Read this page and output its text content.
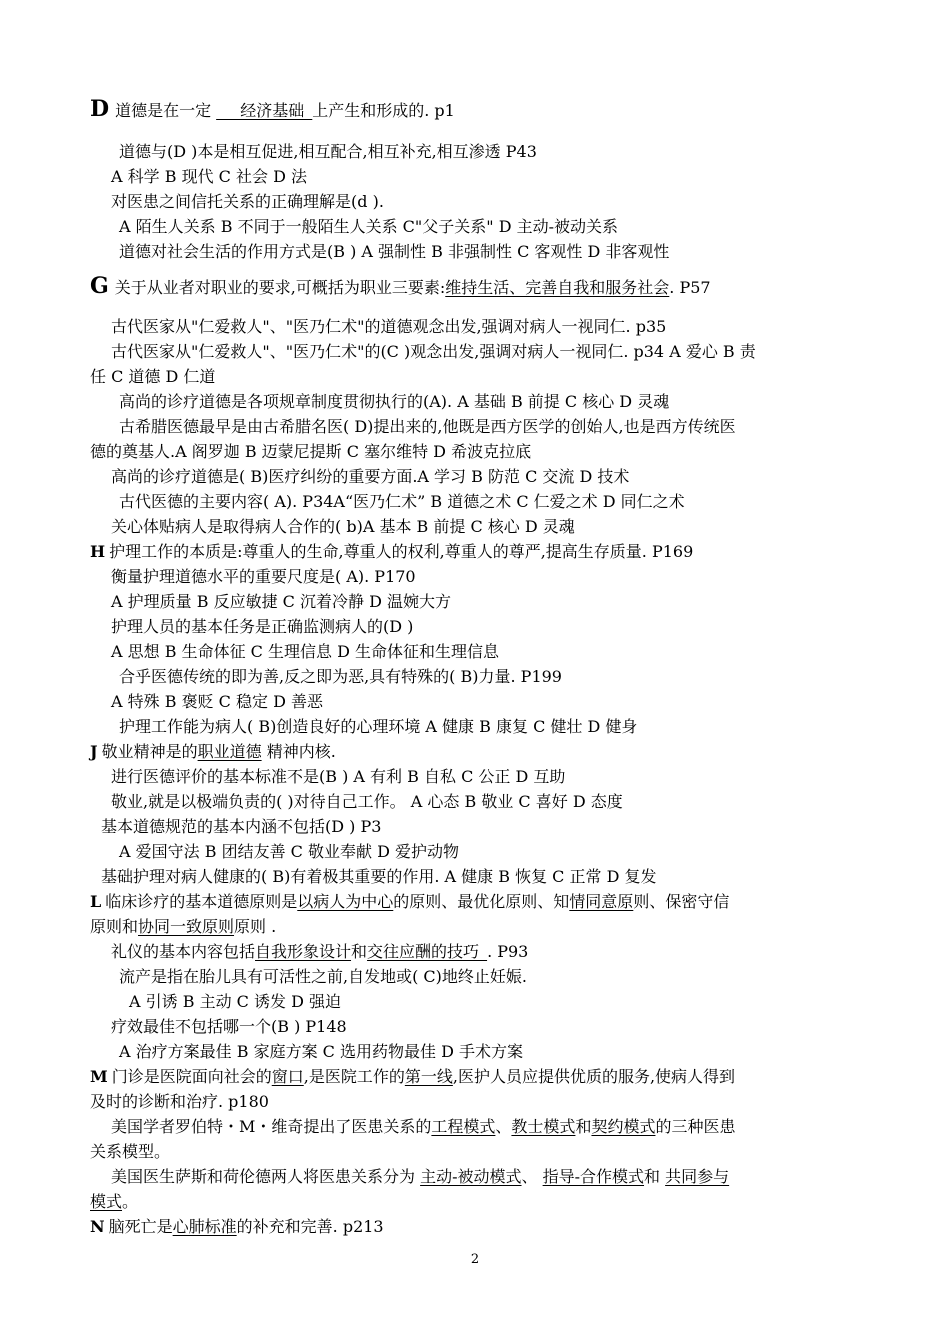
D 道德是在一定 ___经济基础_上产生和形成的. p1
道德与(D )本是相互促进,相互配合,相互补充,相互渗透 P43
A 科学 B 现代 C 社会 D 法
对医患之间信托关系的正确理解是(d ).
A 陌生人关系 B 不同于一般陌生人关系 C"父子关系" D 主动-被动关系
道德对社会生活的作用方式是(B ) A 强制性 B 非强制性 C 客观性 D 非客观性
G 关于从业者对职业的要求,可概括为职业三要素:维持生活、完善自我和服务社会. P57
古代医家从"仁爱救人"、"医乃仁术"的道德观念出发,强调对病人一视同仁. p35
古代医家从"仁爱救人"、"医乃仁术"的(C )观念出发,强调对病人一视同仁. p34 A 爱心 B 责
任 C 道德 D 仁道
高尚的诊疗道德是各项规章制度贯彻执行的(A). A 基础 B 前提 C 核心 D 灵魂
古希腊医德最早是由古希腊名医( D)提出来的,他既是西方医学的创始人,也是西方传统医
德的奠基人.A 阁罗迦 B 迈蒙尼提斯 C 塞尔维特 D 希波克拉底
高尚的诊疗道德是( B)医疗纠纷的重要方面.A 学习 B 防范 C 交流 D 技术
古代医德的主要内容( A). P34A“医乃仁术” B 道德之术 C 仁爱之术 D 同仁之术
关心体贴病人是取得病人合作的( b)A 基本 B 前提 C 核心 D 灵魂
H 护理工作的本质是:尊重人的生命,尊重人的权利,尊重人的尊严,提高生存质量. P169
衡量护理道德水平的重要尺度是( A). P170
A 护理质量 B 反应敏捷 C 沉着冷静 D 温婉大方
护理人员的基本任务是正确监测病人的(D )
A 思想 B 生命体征 C 生理信息 D 生命体征和生理信息
合乎医德传统的即为善,反之即为恶,具有特殊的( B)力量. P199
A 特殊 B 褒贬 C 稳定 D 善恶
护理工作能为病人( B)创造良好的心理环境 A 健康 B 康复 C 健壮 D 健身
J 敬业精神是的职业道德 精神内核.
进行医德评价的基本标准不是(B ) A 有利 B 自私 C 公正 D 互助
敬业,就是以极端负责的( )对待自己工作。 A 心态 B 敬业 C 喜好 D 态度
基本道德规范的基本内涵不包括(D ) P3
A 爱国守法 B 团结友善 C 敬业奉献 D 爱护动物
基础护理对病人健康的( B)有着极其重要的作用. A 健康 B 恢复 C 正常 D 复发
L 临床诊疗的基本道德原则是以病人为中心的原则、最优化原则、知情同意原则、保密守信
原则和协同一致原则原则 .
礼仪的基本内容包括自我形象设计和交往应酬的技巧_. P93
流产是指在胎儿具有可活性之前,自发地或( C)地终止妊娠.
A 引诱 B 主动 C 诱发 D 强迫
疗效最佳不包括哪一个(B ) P148
A 治疗方案最佳 B 家庭方案 C 选用药物最佳 D 手术方案
M 门诊是医院面向社会的窗口,是医院工作的第一线,医护人员应提供优质的服务,使病人得到
及时的诊断和治疗. p180
美国学者罗伯特・M・维奇提出了医患关系的工程模式、教士模式和契约模式的三种医患
关系模型。
美国医生萨斯和荷伦德两人将医患关系分为 主动-被动模式、 指导-合作模式和 共同参与
模式。
N 脑死亡是心肺标准的补充和完善. p213
2
